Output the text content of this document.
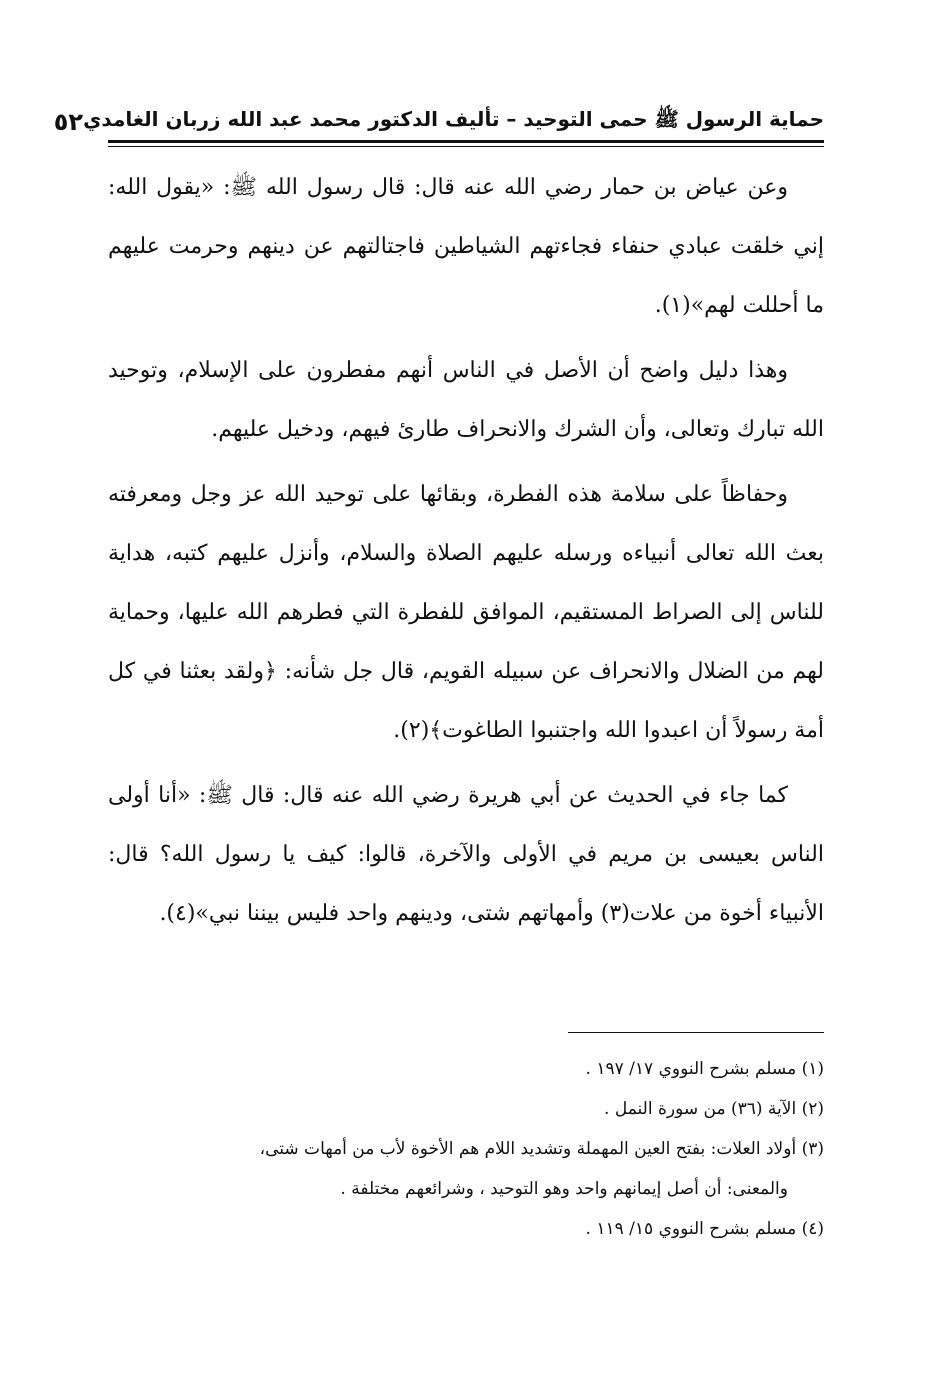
حماية الرسول ﷺ حمى التوحيد – تأليف الدكتور محمد عبد الله زربان الغامدي
٥٢

وعن عياض بن حمار رضي الله عنه قال: قال رسول الله ﷺ: «يقول الله: إني خلقت عبادي حنفاء فجاءتهم الشياطين فاجتالتهم عن دينهم وحرمت عليهم ما أحللت لهم»(١).

وهذا دليل واضح أن الأصل في الناس أنهم مفطرون على الإسلام، وتوحيد الله تبارك وتعالى، وأن الشرك والانحراف طارئ فيهم، ودخيل عليهم.

وحفاظاً على سلامة هذه الفطرة، وبقائها على توحيد الله عز وجل ومعرفته بعث الله تعالى أنبياءه ورسله عليهم الصلاة والسلام، وأنزل عليهم كتبه، هداية للناس إلى الصراط المستقيم، الموافق للفطرة التي فطرهم الله عليها، وحماية لهم من الضلال والانحراف عن سبيله القويم، قال جل شأنه: ﴿ولقد بعثنا في كل أمة رسولاً أن اعبدوا الله واجتنبوا الطاغوت﴾(٢).

كما جاء في الحديث عن أبي هريرة رضي الله عنه قال: قال ﷺ: «أنا أولى الناس بعيسى بن مريم في الأولى والآخرة، قالوا: كيف يا رسول الله؟ قال: الأنبياء أخوة من علات(٣) وأمهاتهم شتى، ودينهم واحد فليس بيننا نبي»(٤).

(١) مسلم بشرح النووي ١٧/ ١٩٧ .

(٢) الآية (٣٦) من سورة النمل .

(٣) أولاد العلات: بفتح العين المهملة وتشديد اللام هم الأخوة لأب من أمهات شتى،

والمعنى: أن أصل إيمانهم واحد وهو التوحيد ، وشرائعهم مختلفة .

(٤) مسلم بشرح النووي ١٥/ ١١٩ .
